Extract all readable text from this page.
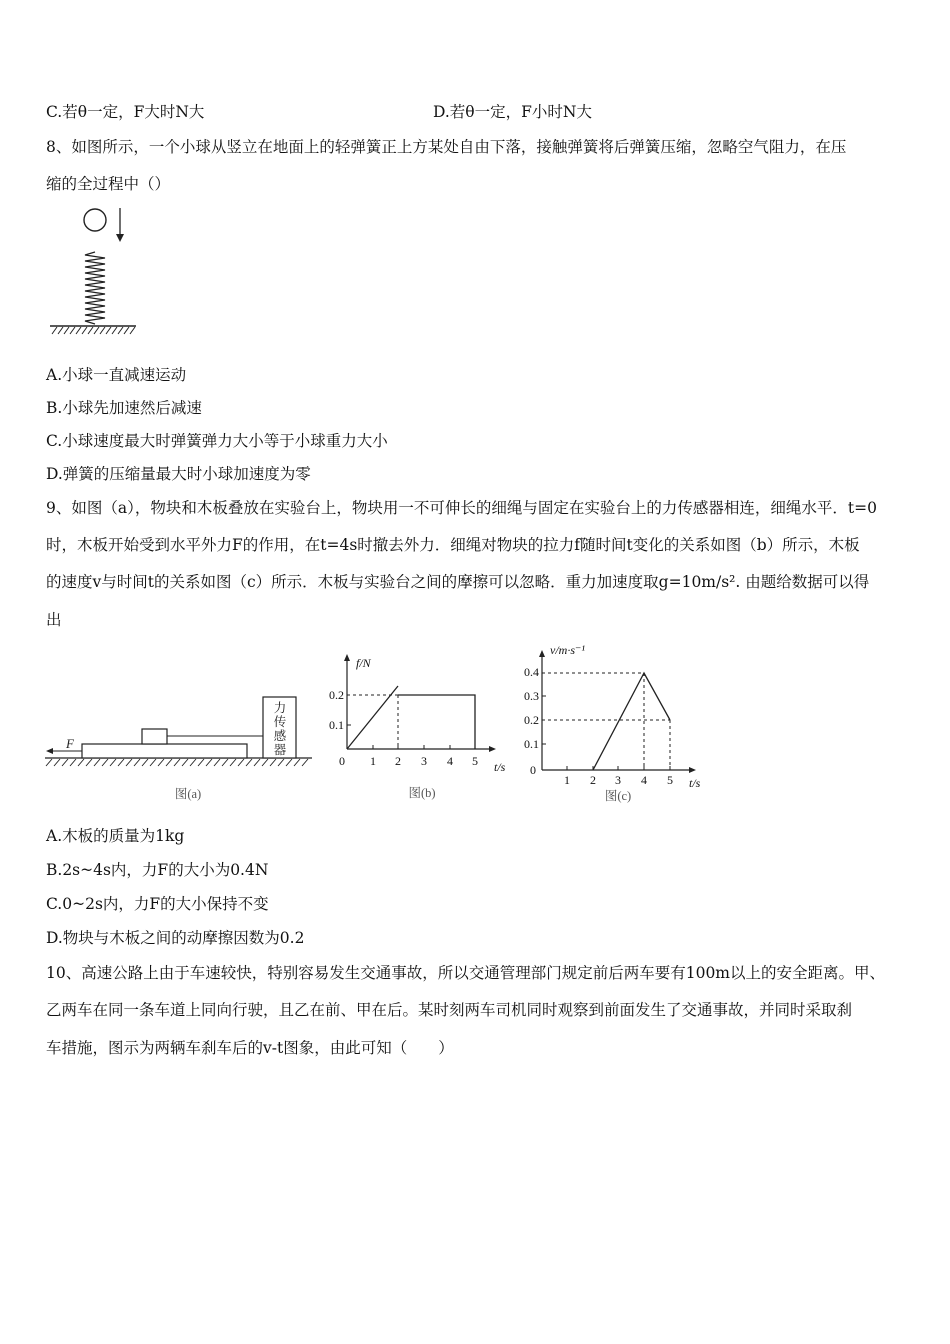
C.若θ一定，F大时N大	D.若θ一定，F小时N大
8、如图所示，一个小球从竖立在地面上的轻弹簧正上方某处自由下落，接触弹簧将后弹簧压缩，忽略空气阻力，在压
缩的全过程中（）
A.小球一直减速运动
B.小球先加速然后减速
C.小球速度最大时弹簧弹力大小等于小球重力大小
D.弹簧的压缩量最大时小球加速度为零
9、如图（a），物块和木板叠放在实验台上，物块用一不可伸长的细绳与固定在实验台上的力传感器相连，细绳水平．t=0
时，木板开始受到水平外力F的作用，在t=4s时撤去外力．细绳对物块的拉力f随时间t变化的关系如图（b）所示，木板
的速度v与时间t的关系如图（c）所示．木板与实验台之间的摩擦可以忽略．重力加速度取g=10m/s². 由题给数据可以得
出
力
传
感
器
F
图(a)
f/N
t/s
0.2
0.1
0 1 2 3 4 5
图(b)
v/m·s⁻¹
t/s
0.4
0.3
0.2
0.1
0
1 2 3 4 5
图(c)
A.木板的质量为1kg
B.2s~4s内，力F的大小为0.4N
C.0~2s内，力F的大小保持不变
D.物块与木板之间的动摩擦因数为0.2
10、高速公路上由于车速较快，特别容易发生交通事故，所以交通管理部门规定前后两车要有100m以上的安全距离。甲、
乙两车在同一条车道上同向行驶，且乙在前、甲在后。某时刻两车司机同时观察到前面发生了交通事故，并同时采取刹
车措施，图示为两辆车刹车后的v-t图象，由此可知（　　）
